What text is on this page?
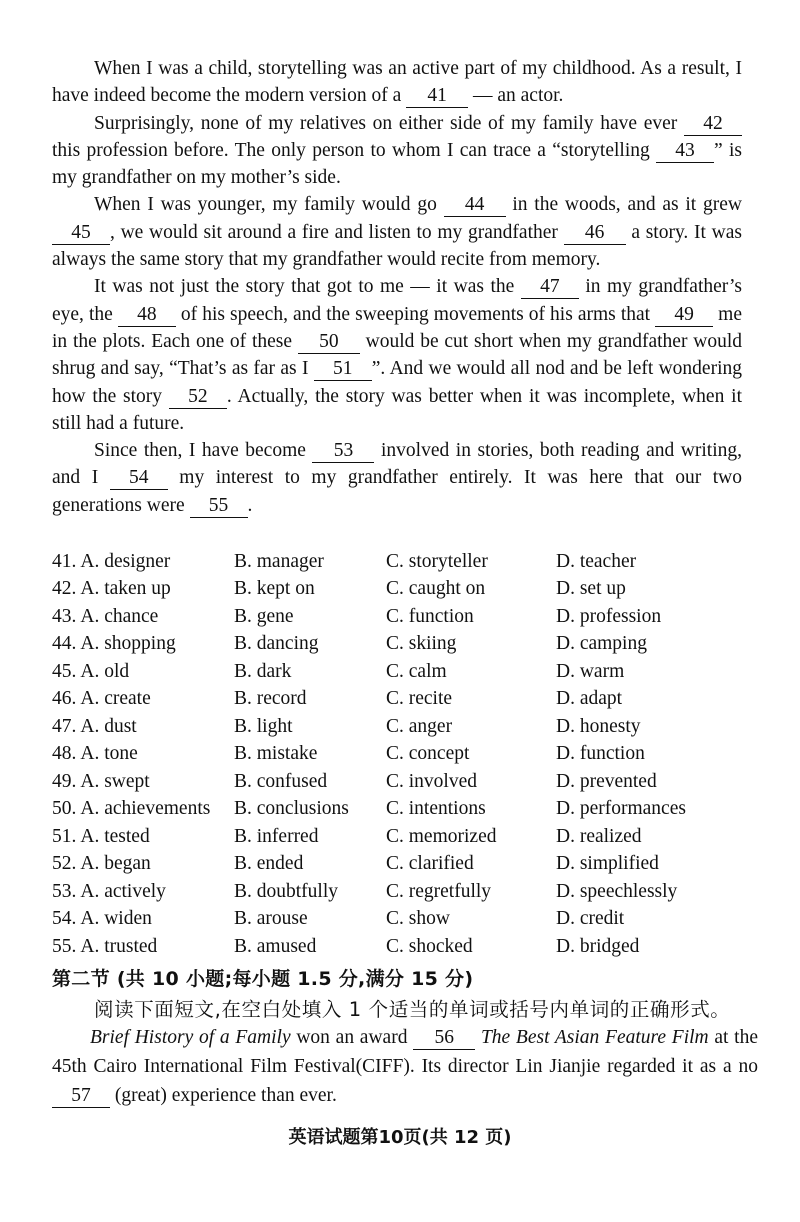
When I was a child, storytelling was an active part of my childhood. As a result, I have indeed become the modern version of a 41 — an actor.

Surprisingly, none of my relatives on either side of my family have ever 42 this profession before. The only person to whom I can trace a “storytelling 43 ” is my grandfather on my mother’s side.

When I was younger, my family would go 44 in the woods, and as it grew 45 , we would sit around a fire and listen to my grandfather 46 a story. It was always the same story that my grandfather would recite from memory.

It was not just the story that got to me — it was the 47 in my grandfather’s eye, the 48 of his speech, and the sweeping movements of his arms that 49 me in the plots. Each one of these 50 would be cut short when my grandfather would shrug and say, “That’s as far as I 51 ”. And we would all nod and be left wondering how the story 52 . Actually, the story was better when it was incomplete, when it still had a future.

Since then, I have become 53 involved in stories, both reading and writing, and I 54 my interest to my grandfather entirely. It was here that our two generations were 55 .

41. A. designer	B. manager	C. storyteller	D. teacher
42. A. taken up	B. kept on	C. caught on	D. set up
43. A. chance	B. gene	C. function	D. profession
44. A. shopping	B. dancing	C. skiing	D. camping
45. A. old	B. dark	C. calm	D. warm
46. A. create	B. record	C. recite	D. adapt
47. A. dust	B. light	C. anger	D. honesty
48. A. tone	B. mistake	C. concept	D. function
49. A. swept	B. confused	C. involved	D. prevented
50. A. achievements	B. conclusions	C. intentions	D. performances
51. A. tested	B. inferred	C. memorized	D. realized
52. A. began	B. ended	C. clarified	D. simplified
53. A. actively	B. doubtfully	C. regretfully	D. speechlessly
54. A. widen	B. arouse	C. show	D. credit
55. A. trusted	B. amused	C. shocked	D. bridged
第二节 (共 10 小题;每小题 1.5 分,满分 15 分)
阅读下面短文,在空白处填入 1 个适当的单词或括号内单词的正确形式。

Brief History of a Family won an award 56 The Best Asian Feature Film at the 45th Cairo International Film Festival(CIFF). Its director Lin Jianjie regarded it as a no 57 (great) experience than ever.

英语试题第10页(共 12 页)
